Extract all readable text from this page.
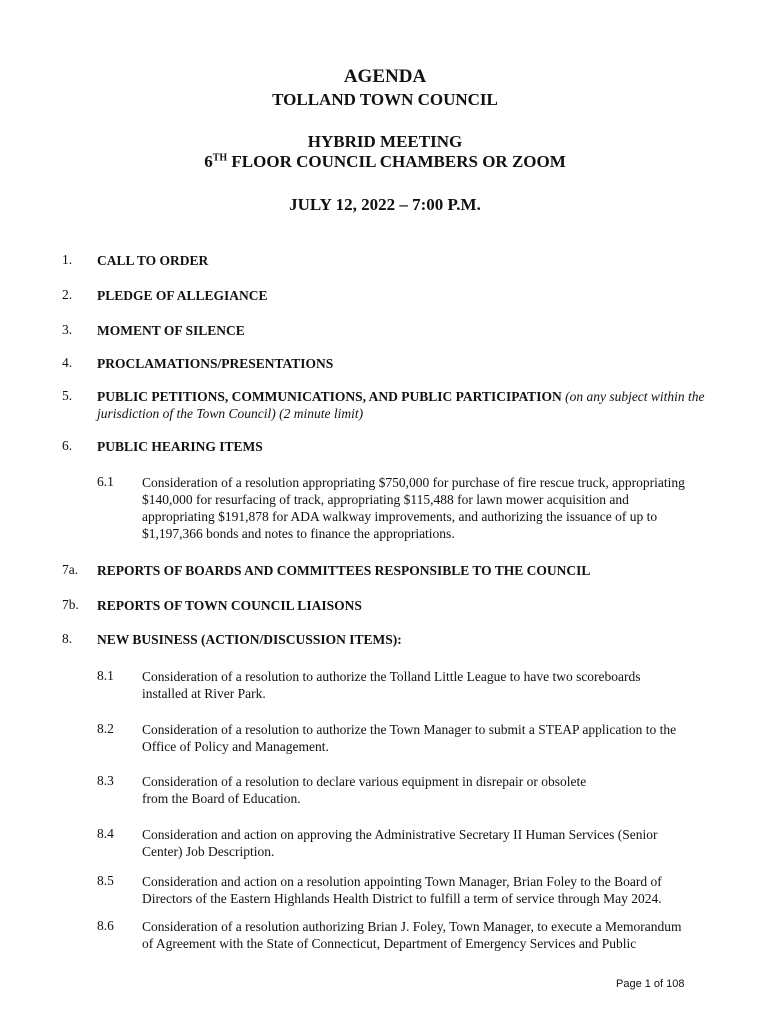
AGENDA
TOLLAND TOWN COUNCIL
HYBRID MEETING
6TH FLOOR COUNCIL CHAMBERS OR ZOOM
JULY 12, 2022 – 7:00 P.M.
1. CALL TO ORDER
2. PLEDGE OF ALLEGIANCE
3. MOMENT OF SILENCE
4. PROCLAMATIONS/PRESENTATIONS
5. PUBLIC PETITIONS, COMMUNICATIONS, AND PUBLIC PARTICIPATION (on any subject within the jurisdiction of the Town Council) (2 minute limit)
6. PUBLIC HEARING ITEMS
6.1 Consideration of a resolution appropriating $750,000 for purchase of fire rescue truck, appropriating
$140,000 for resurfacing of track, appropriating $115,488 for lawn mower acquisition and
appropriating $191,878 for ADA walkway improvements, and authorizing the issuance of up to
$1,197,366 bonds and notes to finance the appropriations.
7a. REPORTS OF BOARDS AND COMMITTEES RESPONSIBLE TO THE COUNCIL
7b. REPORTS OF TOWN COUNCIL LIAISONS
8. NEW BUSINESS (ACTION/DISCUSSION ITEMS):
8.1 Consideration of a resolution to authorize the Tolland Little League to have two scoreboards
installed at River Park.
8.2 Consideration of a resolution to authorize the Town Manager to submit a STEAP application to the
Office of Policy and Management.
8.3 Consideration of a resolution to declare various equipment in disrepair or obsolete
from the Board of Education.
8.4 Consideration and action on approving the Administrative Secretary II Human Services (Senior
Center) Job Description.
8.5 Consideration and action on a resolution appointing Town Manager, Brian Foley to the Board of
Directors of the Eastern Highlands Health District to fulfill a term of service through May 2024.
8.6 Consideration of a resolution authorizing Brian J. Foley, Town Manager, to execute a Memorandum
of Agreement with the State of Connecticut, Department of Emergency Services and Public
Page 1 of 108
